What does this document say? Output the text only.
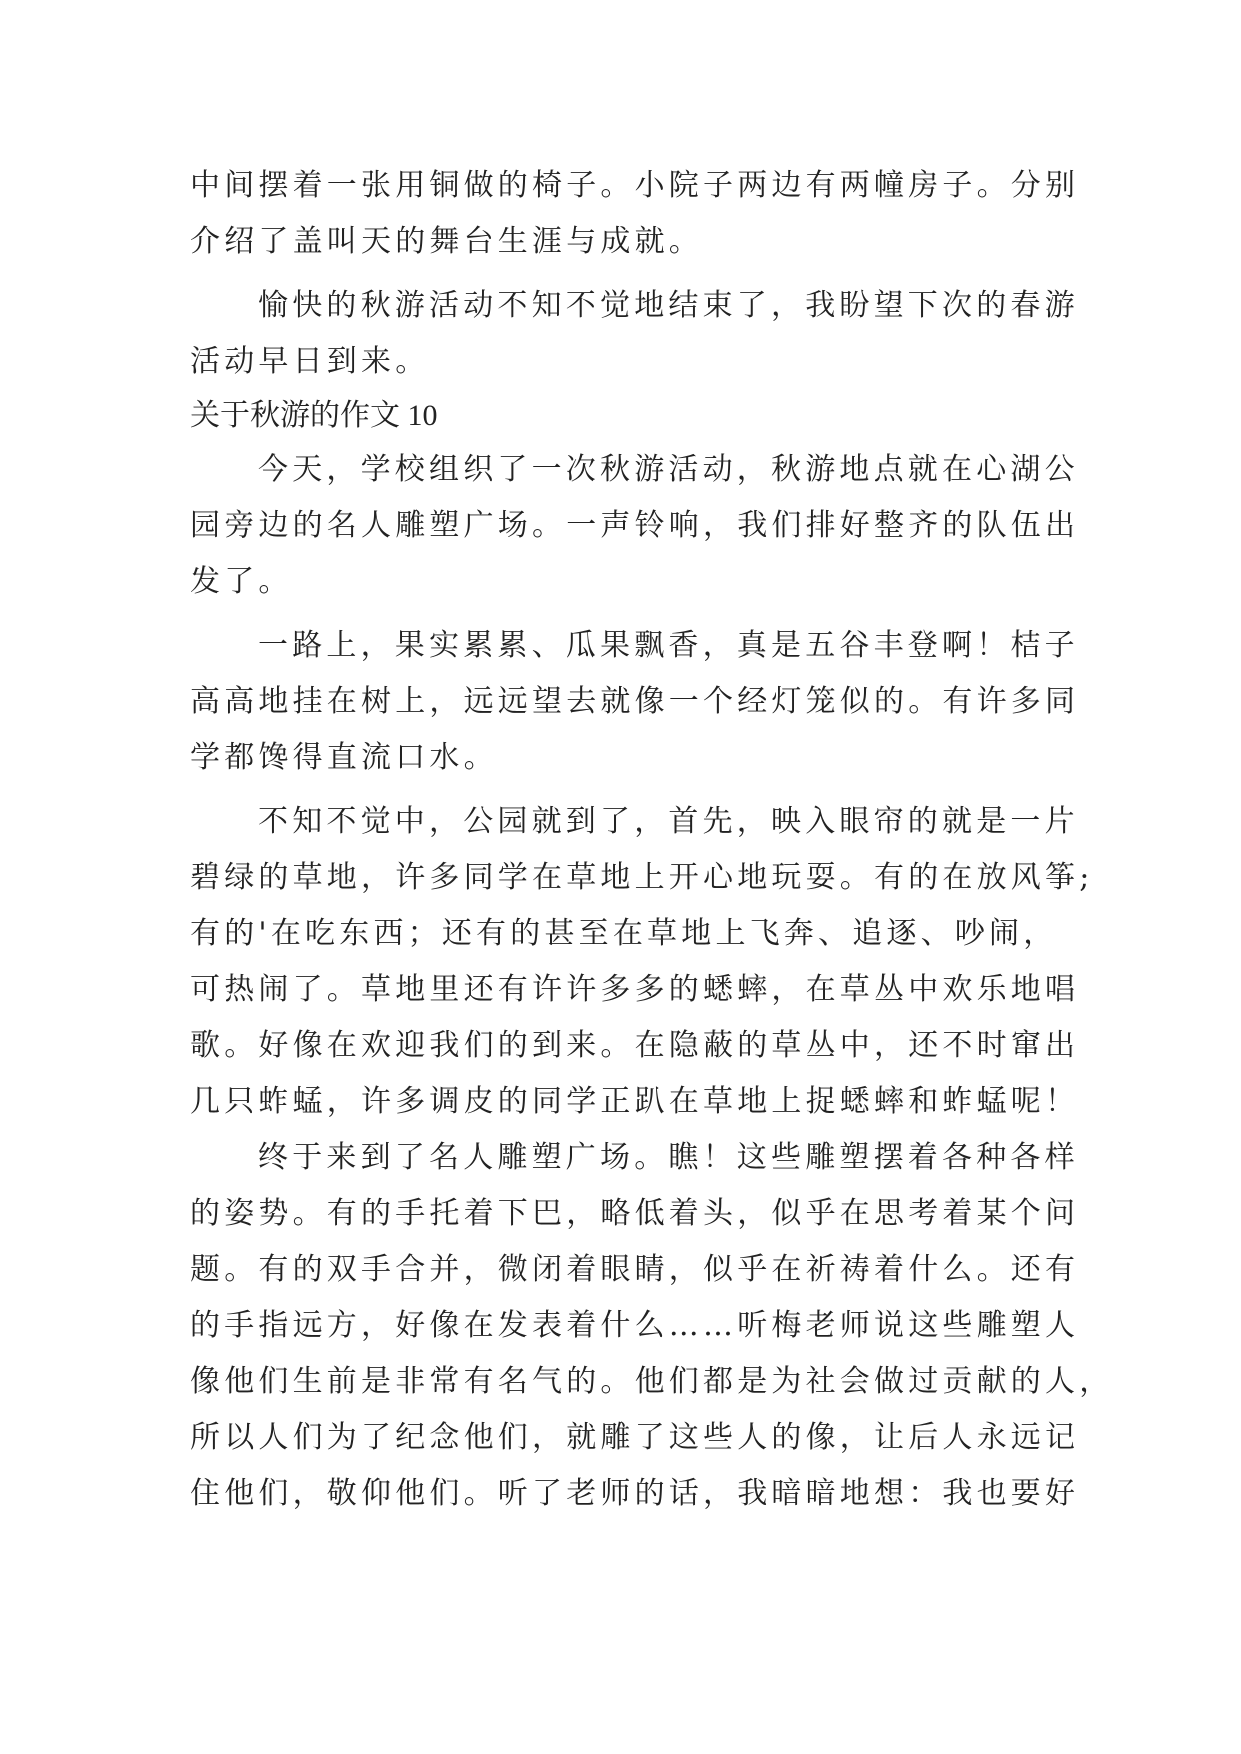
中间摆着一张用铜做的椅子。小院子两边有两幢房子。分别
介绍了盖叫天的舞台生涯与成就。
愉快的秋游活动不知不觉地结束了，我盼望下次的春游
活动早日到来。
关于秋游的作文 10
今天，学校组织了一次秋游活动，秋游地点就在心湖公
园旁边的名人雕塑广场。一声铃响，我们排好整齐的队伍出
发了。
一路上，果实累累、瓜果飘香，真是五谷丰登啊！桔子
高高地挂在树上，远远望去就像一个经灯笼似的。有许多同
学都馋得直流口水。
不知不觉中，公园就到了，首先，映入眼帘的就是一片
碧绿的草地，许多同学在草地上开心地玩耍。有的在放风筝;
有的'在吃东西；还有的甚至在草地上飞奔、追逐、吵闹，
可热闹了。草地里还有许许多多的蟋蟀，在草丛中欢乐地唱
歌。好像在欢迎我们的到来。在隐蔽的草丛中，还不时窜出
几只蚱蜢，许多调皮的同学正趴在草地上捉蟋蟀和蚱蜢呢！
终于来到了名人雕塑广场。瞧！这些雕塑摆着各种各样
的姿势。有的手托着下巴，略低着头，似乎在思考着某个问
题。有的双手合并，微闭着眼睛，似乎在祈祷着什么。还有
的手指远方，好像在发表着什么……听梅老师说这些雕塑人
像他们生前是非常有名气的。他们都是为社会做过贡献的人，
所以人们为了纪念他们，就雕了这些人的像，让后人永远记
住他们，敬仰他们。听了老师的话，我暗暗地想：我也要好
